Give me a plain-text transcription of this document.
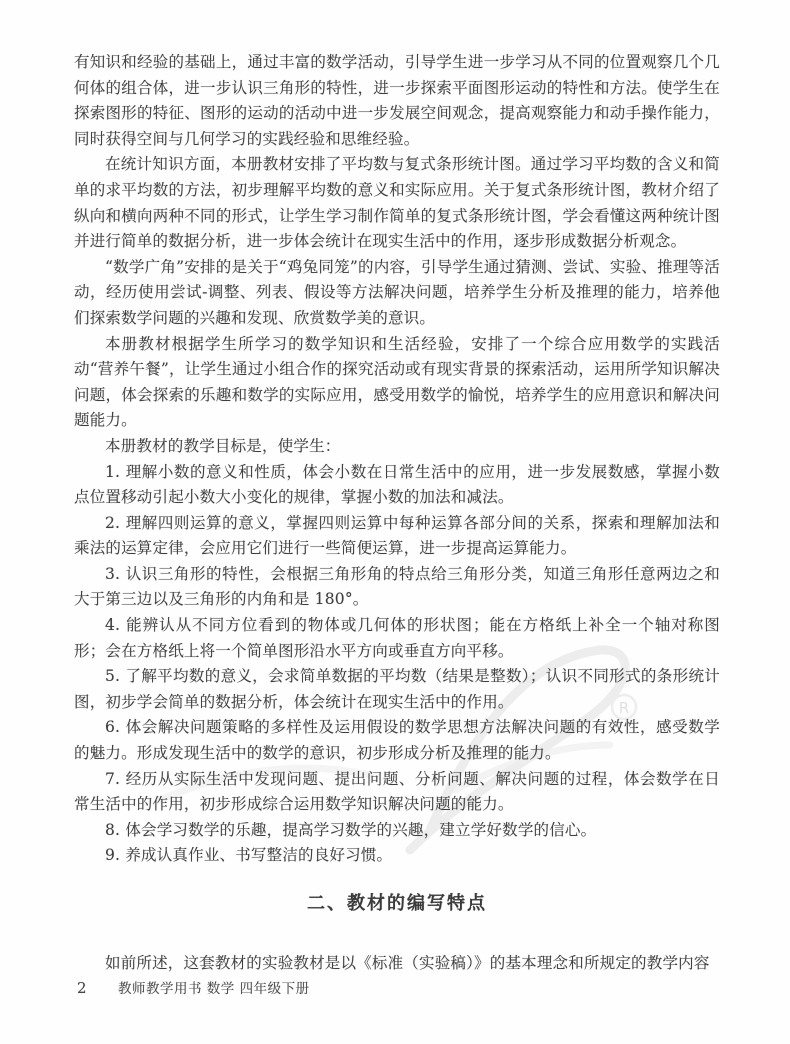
R

有知识和经验的基础上，通过丰富的数学活动，引导学生进一步学习从不同的位置观察几个几何体的组合体，进一步认识三角形的特性，进一步探索平面图形运动的特性和方法。使学生在探索图形的特征、图形的运动的活动中进一步发展空间观念，提高观察能力和动手操作能力，同时获得空间与几何学习的实践经验和思维经验。

在统计知识方面，本册教材安排了平均数与复式条形统计图。通过学习平均数的含义和简单的求平均数的方法，初步理解平均数的意义和实际应用。关于复式条形统计图，教材介绍了纵向和横向两种不同的形式，让学生学习制作简单的复式条形统计图，学会看懂这两种统计图并进行简单的数据分析，进一步体会统计在现实生活中的作用，逐步形成数据分析观念。

“数学广角”安排的是关于“鸡兔同笼”的内容，引导学生通过猜测、尝试、实验、推理等活动，经历使用尝试-调整、列表、假设等方法解决问题，培养学生分析及推理的能力，培养他们探索数学问题的兴趣和发现、欣赏数学美的意识。

本册教材根据学生所学习的数学知识和生活经验，安排了一个综合应用数学的实践活动“营养午餐”，让学生通过小组合作的探究活动或有现实背景的探索活动，运用所学知识解决问题，体会探索的乐趣和数学的实际应用，感受用数学的愉悦，培养学生的应用意识和解决问题能力。

本册教材的教学目标是，使学生：

1. 理解小数的意义和性质，体会小数在日常生活中的应用，进一步发展数感，掌握小数点位置移动引起小数大小变化的规律，掌握小数的加法和减法。

2. 理解四则运算的意义，掌握四则运算中每种运算各部分间的关系，探索和理解加法和乘法的运算定律，会应用它们进行一些简便运算，进一步提高运算能力。

3. 认识三角形的特性，会根据三角形角的特点给三角形分类，知道三角形任意两边之和大于第三边以及三角形的内角和是 180°。

4. 能辨认从不同方位看到的物体或几何体的形状图；能在方格纸上补全一个轴对称图形；会在方格纸上将一个简单图形沿水平方向或垂直方向平移。

5. 了解平均数的意义，会求简单数据的平均数（结果是整数）；认识不同形式的条形统计图，初步学会简单的数据分析，体会统计在现实生活中的作用。

6. 体会解决问题策略的多样性及运用假设的数学思想方法解决问题的有效性，感受数学的魅力。形成发现生活中的数学的意识，初步形成分析及推理的能力。

7. 经历从实际生活中发现问题、提出问题、分析问题、解决问题的过程，体会数学在日常生活中的作用，初步形成综合运用数学知识解决问题的能力。

8. 体会学习数学的乐趣，提高学习数学的兴趣，建立学好数学的信心。

9. 养成认真作业、书写整洁的良好习惯。

二、教材的编写特点

如前所述，这套教材的实验教材是以《标准（实验稿）》的基本理念和所规定的教学内容

2 教师教学用书 数学 四年级下册
